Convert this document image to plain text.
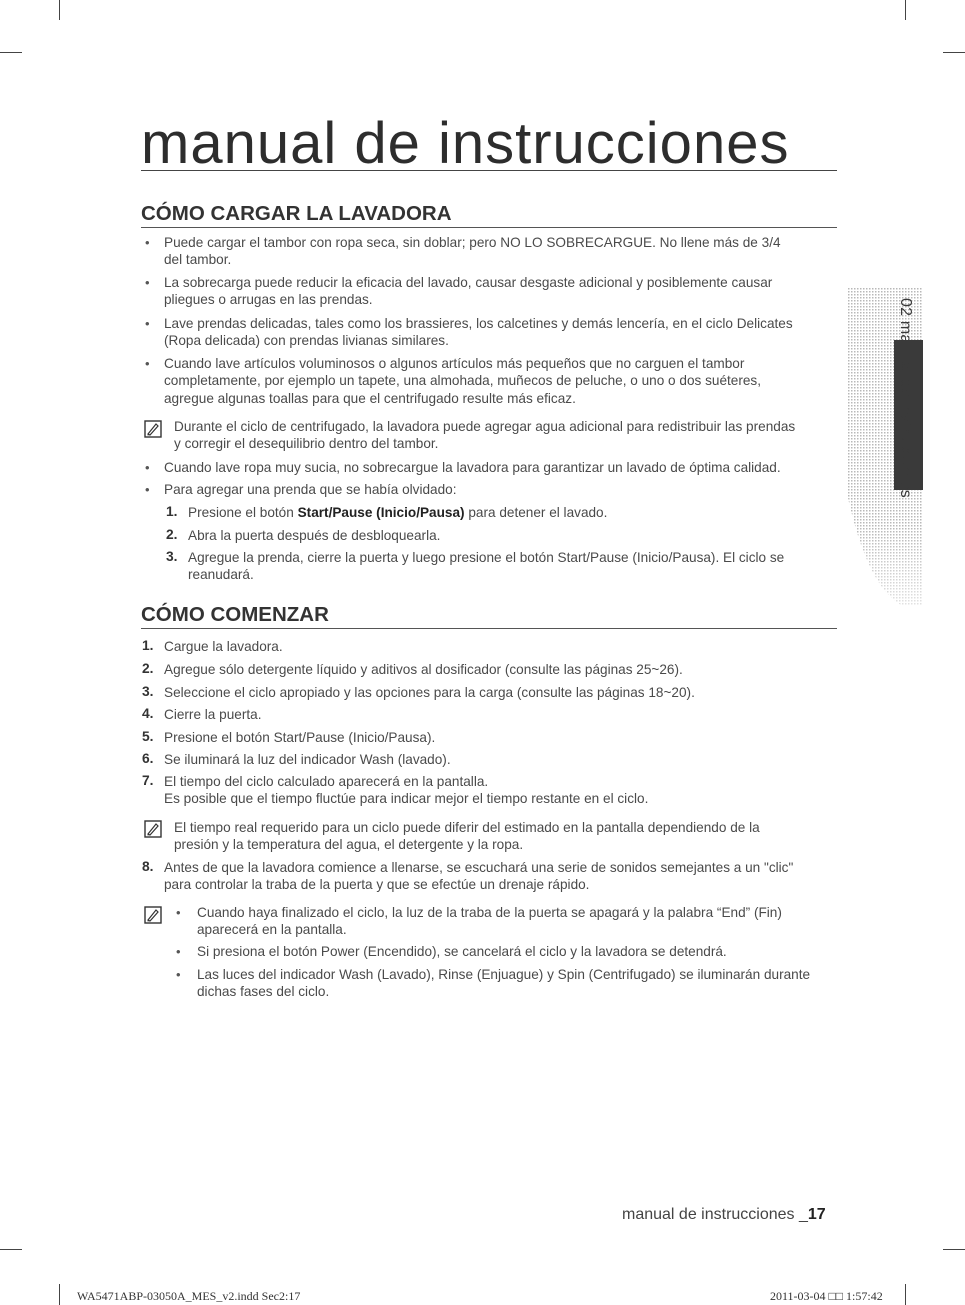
manual de instrucciones
CÓMO CARGAR LA LAVADORA
• Puede cargar el tambor con ropa seca, sin doblar; pero NO LO SOBRECARGUE. No llene más de 3/4
del tambor.
• La sobrecarga puede reducir la eficacia del lavado, causar desgaste adicional y posiblemente causar
pliegues o arrugas en las prendas.
• Lave prendas delicadas, tales como los brassieres, los calcetines y demás lencería, en el ciclo Delicates
(Ropa delicada) con prendas livianas similares.
• Cuando lave artículos voluminosos o algunos artículos más pequeños que no carguen el tambor
completamente, por ejemplo un tapete, una almohada, muñecos de peluche, o uno o dos suéteres,
agregue algunas toallas para que el centrifugado resulte más eficaz.
Durante el ciclo de centrifugado, la lavadora puede agregar agua adicional para redistribuir las prendas
y corregir el desequilibrio dentro del tambor.
• Cuando lave ropa muy sucia, no sobrecargue la lavadora para garantizar un lavado de óptima calidad.
• Para agregar una prenda que se había olvidado:
1. Presione el botón Start/Pause (Inicio/Pausa) para detener el lavado.
2. Abra la puerta después de desbloquearla.
3. Agregue la prenda, cierre la puerta y luego presione el botón Start/Pause (Inicio/Pausa). El ciclo se
reanudará.
CÓMO COMENZAR
1. Cargue la lavadora.
2. Agregue sólo detergente líquido y aditivos al dosificador (consulte las páginas 25~26).
3. Seleccione el ciclo apropiado y las opciones para la carga (consulte las páginas 18~20).
4. Cierre la puerta.
5. Presione el botón Start/Pause (Inicio/Pausa).
6. Se iluminará la luz del indicador Wash (lavado).
7. El tiempo del ciclo calculado aparecerá en la pantalla.
Es posible que el tiempo fluctúe para indicar mejor el tiempo restante en el ciclo.
El tiempo real requerido para un ciclo puede diferir del estimado en la pantalla dependiendo de la
presión y la temperatura del agua, el detergente y la ropa.
8. Antes de que la lavadora comience a llenarse, se escuchará una serie de sonidos semejantes a un "clic"
para controlar la traba de la puerta y que se efectúe un drenaje rápido.
• Cuando haya finalizado el ciclo, la luz de la traba de la puerta se apagará y la palabra “End” (Fin)
aparecerá en la pantalla.
• Si presiona el botón Power (Encendido), se cancelará el ciclo y la lavadora se detendrá.
• Las luces del indicador Wash (Lavado), Rinse (Enjuague) y Spin (Centrifugado) se iluminarán durante
dichas fases del ciclo.
02 manual de instrucciones
manual de instrucciones _17
WA5471ABP-03050A_MES_v2.indd Sec2:17	2011-03-04 □□ 1:57:42
